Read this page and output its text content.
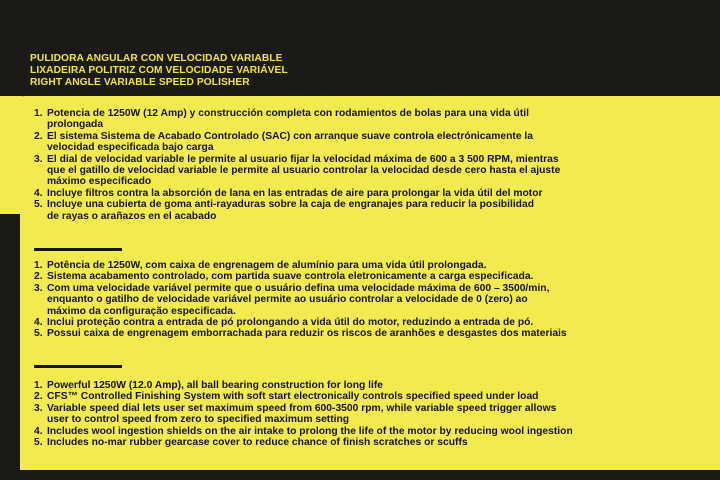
PULIDORA ANGULAR CON VELOCIDAD VARIABLE
LIXADEIRA POLITRIZ COM VELOCIDADE VARIÁVEL
RIGHT ANGLE VARIABLE SPEED POLISHER
1. Potencia de 1250W (12 Amp) y construcción completa con rodamientos de bolas para una vida útil
prolongada
2. El sistema Sistema de Acabado Controlado (SAC) con arranque suave controla electrónicamente la
velocidad especificada bajo carga
3. El dial de velocidad variable le permite al usuario fijar la velocidad máxima de 600 a 3 500 RPM, mientras
que el gatillo de velocidad variable le permite al usuario controlar la velocidad desde cero hasta el ajuste
máximo especificado
4. Incluye filtros contra la absorción de lana en las entradas de aire para prolongar la vida útil del motor
5. Incluye una cubierta de goma anti-rayaduras sobre la caja de engranajes para reducir la posibilidad
de rayas o arañazos en el acabado
1. Potência de 1250W, com caixa de engrenagem de alumínio para uma vida útil prolongada.
2. Sistema acabamento controlado, com partida suave controla eletronicamente a carga especificada.
3. Com uma velocidade variável permite que o usuário defina uma velocidade máxima de 600 – 3500/min,
enquanto o gatilho de velocidade variável permite ao usuário controlar a velocidade de 0 (zero) ao
máximo da configuração especificada.
4. Inclui proteção contra a entrada de pó prolongando a vida útil do motor, reduzindo a entrada de pó.
5. Possui caixa de engrenagem emborrachada para reduzir os riscos de aranhões e desgastes dos materiais
1. Powerful 1250W (12.0 Amp), all ball bearing construction for long life
2. CFS™ Controlled Finishing System with soft start electronically controls specified speed under load
3. Variable speed dial lets user set maximum speed from 600-3500 rpm, while variable speed trigger allows
user to control speed from zero to specified maximum setting
4. Includes wool ingestion shields on the air intake to prolong the life of the motor by reducing wool ingestion
5. Includes no-mar rubber gearcase cover to reduce chance of finish scratches or scuffs
